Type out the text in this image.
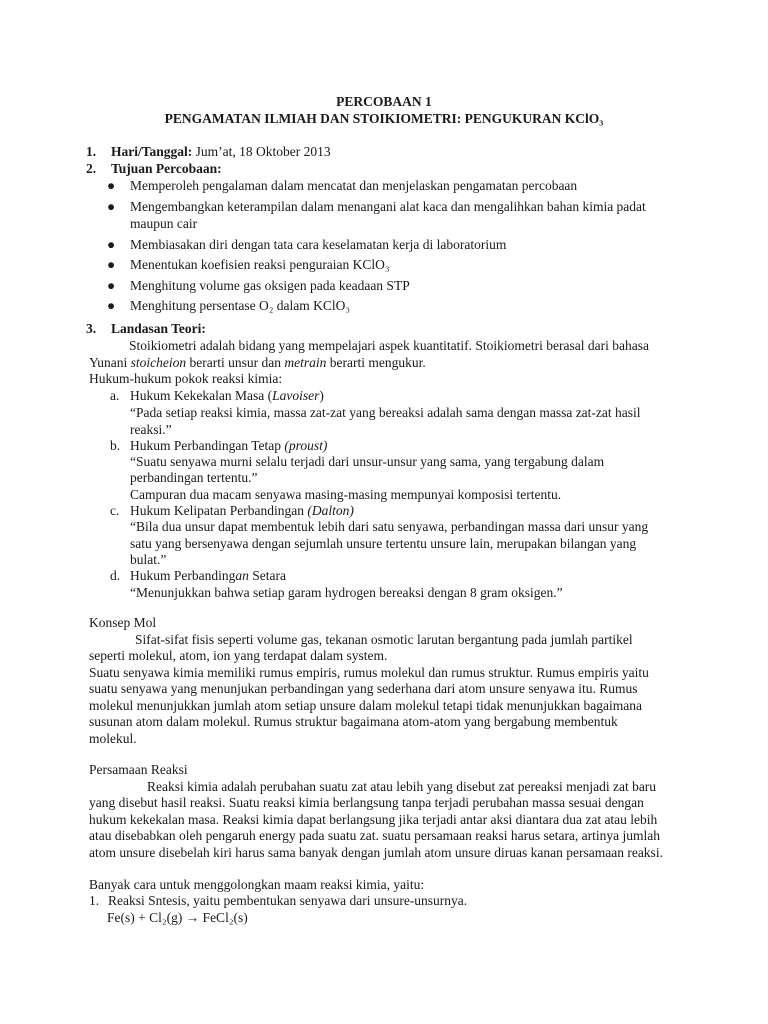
PERCOBAAN 1
PENGAMATAN ILMIAH DAN STOIKIOMETRI: PENGUKURAN KClO₃
1. Hari/Tanggal: Jum’at, 18 Oktober 2013
2. Tujuan Percobaan:
● Memperoleh pengalaman dalam mencatat dan menjelaskan pengamatan percobaan
● Mengembangkan keterampilan dalam menangani alat kaca dan mengalihkan bahan kimia padat maupun cair
● Membiasakan diri dengan tata cara keselamatan kerja di laboratorium
● Menentukan koefisien reaksi penguraian KClO₃
● Menghitung volume gas oksigen pada keadaan STP
● Menghitung persentase O₂ dalam KClO₃
3. Landasan Teori:
Stoikiometri adalah bidang yang mempelajari aspek kuantitatif. Stoikiometri berasal dari bahasa
Yunani stoicheion berarti unsur dan metrain berarti mengukur.
Hukum-hukum pokok reaksi kimia:
a. Hukum Kekekalan Masa (Lavoiser)
“Pada setiap reaksi kimia, massa zat-zat yang bereaksi adalah sama dengan massa zat-zat hasil
reaksi.”
b. Hukum Perbandingan Tetap (proust)
“Suatu senyawa murni selalu terjadi dari unsur-unsur yang sama, yang tergabung dalam
perbandingan tertentu.”
Campuran dua macam senyawa masing-masing mempunyai komposisi tertentu.
c. Hukum Kelipatan Perbandingan (Dalton)
“Bila dua unsur dapat membentuk lebih dari satu senyawa, perbandingan massa dari unsur yang
satu yang bersenyawa dengan sejumlah unsure tertentu unsure lain, merupakan bilangan yang
bulat.”
d. Hukum Perbandingan Setara
“Menunjukkan bahwa setiap garam hydrogen bereaksi dengan 8 gram oksigen.”
Konsep Mol
Sifat-sifat fisis seperti volume gas, tekanan osmotic larutan bergantung pada jumlah partikel
seperti molekul, atom, ion yang terdapat dalam system.
Suatu senyawa kimia memiliki rumus empiris, rumus molekul dan rumus struktur. Rumus empiris yaitu
suatu senyawa yang menunjukan perbandingan yang sederhana dari atom unsure senyawa itu. Rumus
molekul menunjukkan jumlah atom setiap unsure dalam molekul tetapi tidak menunjukkan bagaimana
susunan atom dalam molekul. Rumus struktur bagaimana atom-atom yang bergabung membentuk
molekul.
Persamaan Reaksi
Reaksi kimia adalah perubahan suatu zat atau lebih yang disebut zat pereaksi menjadi zat baru
yang disebut hasil reaksi. Suatu reaksi kimia berlangsung tanpa terjadi perubahan massa sesuai dengan
hukum kekekalan masa. Reaksi kimia dapat berlangsung jika terjadi antar aksi diantara dua zat atau lebih
atau disebabkan oleh pengaruh energy pada suatu zat. suatu persamaan reaksi harus setara, artinya jumlah
atom unsure disebelah kiri harus sama banyak dengan jumlah atom unsure diruas kanan persamaan reaksi.
Banyak cara untuk menggolongkan maam reaksi kimia, yaitu:
1. Reaksi Sntesis, yaitu pembentukan senyawa dari unsure-unsurnya.
Fe(s) + Cl₂(g) → FeCl₂(s)
